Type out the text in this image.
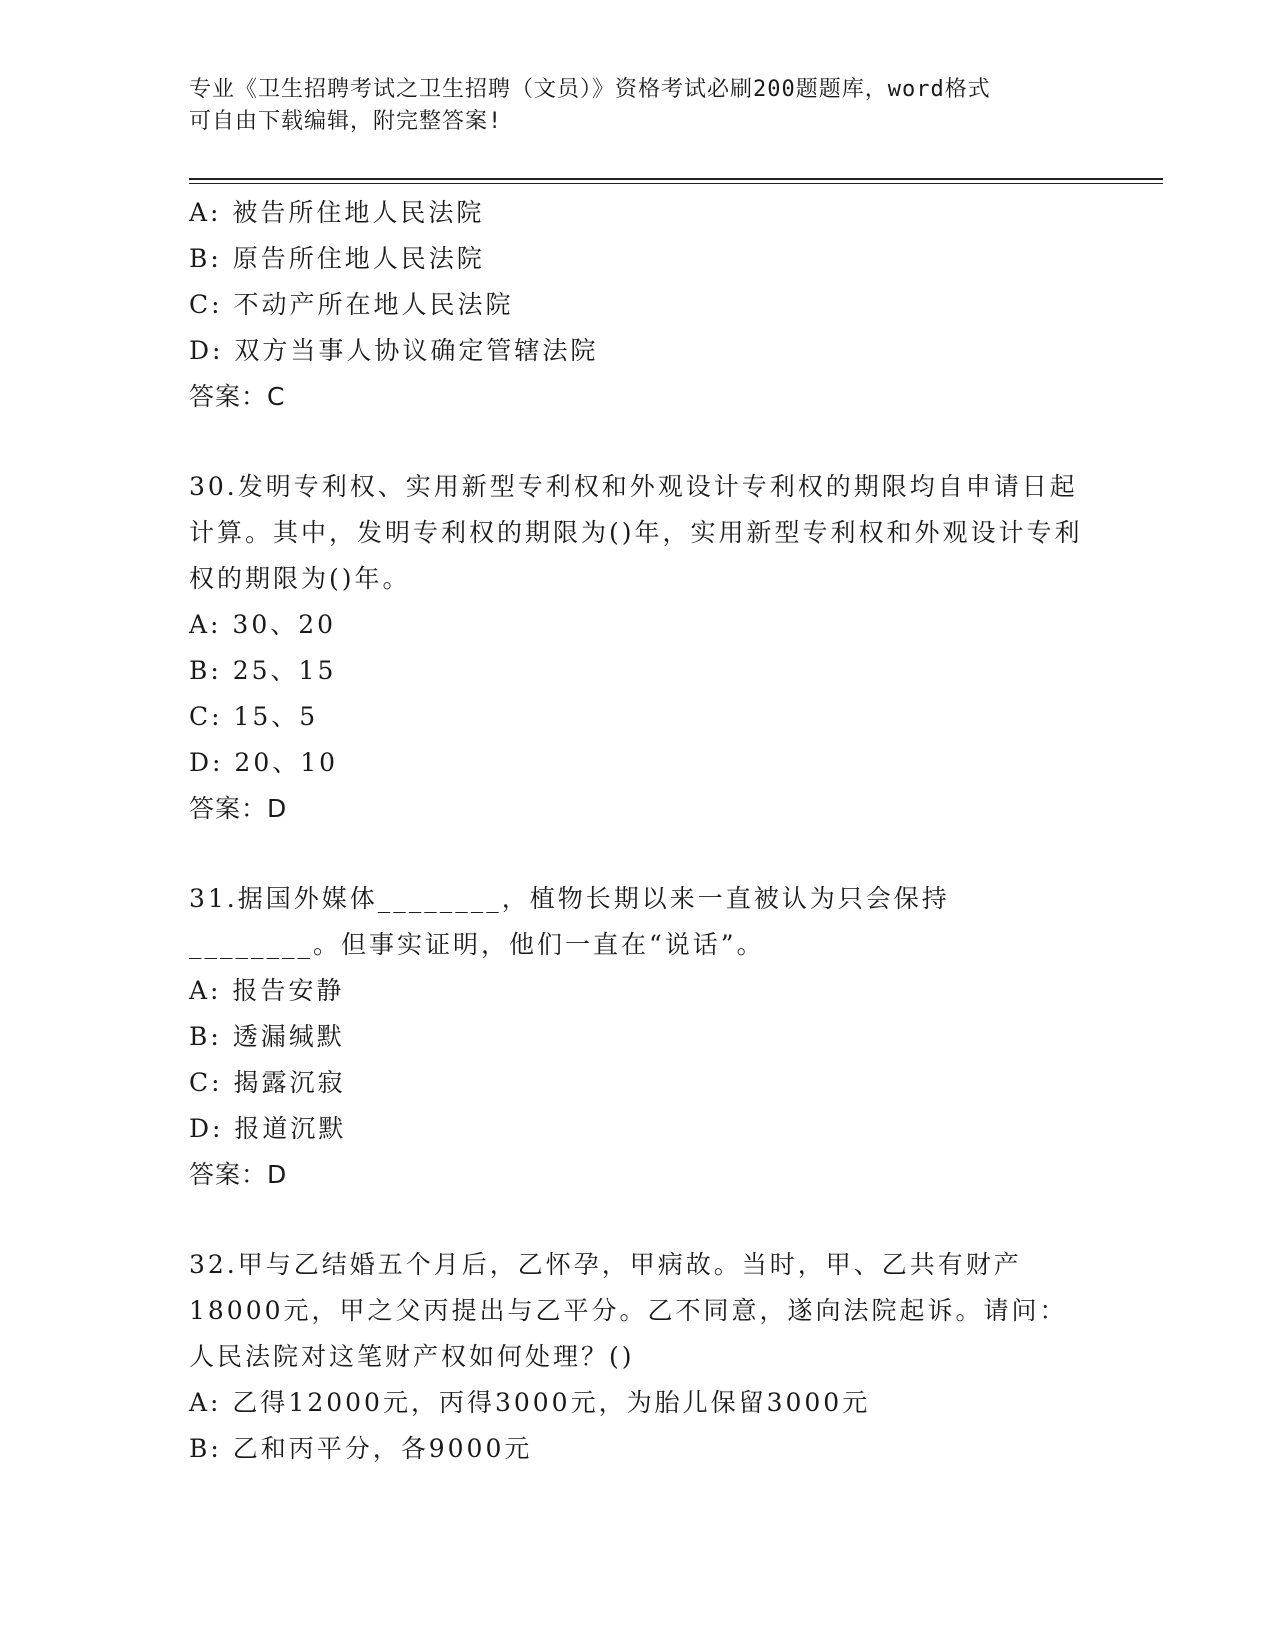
专业《卫生招聘考试之卫生招聘（文员）》资格考试必刷200题题库，word格式
可自由下载编辑，附完整答案!
A: 被告所住地人民法院
B: 原告所住地人民法院
C: 不动产所在地人民法院
D: 双方当事人协议确定管辖法院
答案：C
30.发明专利权、实用新型专利权和外观设计专利权的期限均自申请日起计算。其中，发明专利权的期限为()年，实用新型专利权和外观设计专利权的期限为()年。
A: 30、20
B: 25、15
C: 15、5
D: 20、10
答案：D
31.据国外媒体________，植物长期以来一直被认为只会保持________。但事实证明，他们一直在“说话”。
A: 报告安静
B: 透漏缄默
C: 揭露沉寂
D: 报道沉默
答案：D
32.甲与乙结婚五个月后，乙怀孕，甲病故。当时，甲、乙共有财产18000元，甲之父丙提出与乙平分。乙不同意，遂向法院起诉。请问：人民法院对这笔财产权如何处理？()
A: 乙得12000元，丙得3000元，为胎儿保留3000元
B: 乙和丙平分，各9000元
